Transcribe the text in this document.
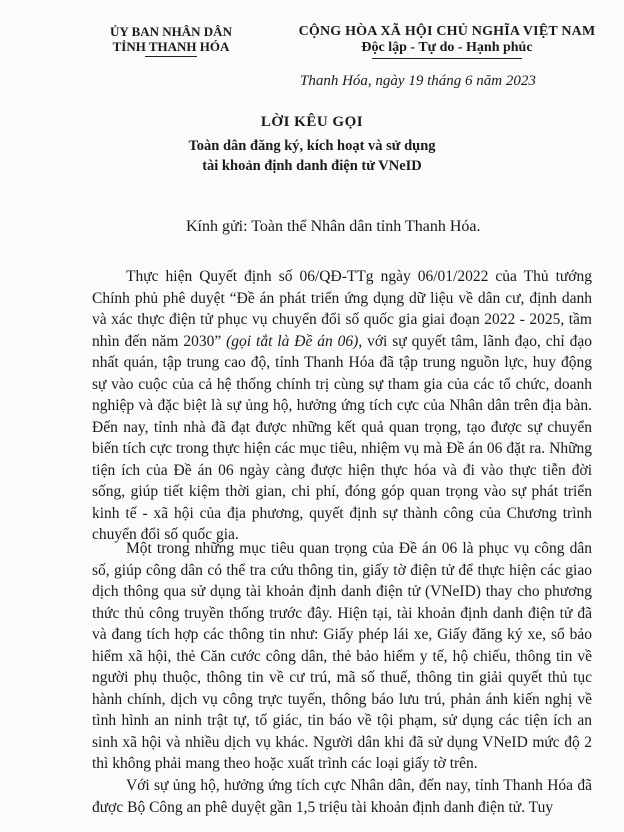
ỦY BAN NHÂN DÂN
TỈNH THANH HÓA
CỘNG HÒA XÃ HỘI CHỦ NGHĨA VIỆT NAM
Độc lập - Tự do - Hạnh phúc
Thanh Hóa, ngày 19 tháng 6 năm 2023
LỜI KÊU GỌI
Toàn dân đăng ký, kích hoạt và sử dụng
tài khoản định danh điện tử VNeID
Kính gửi: Toàn thể Nhân dân tỉnh Thanh Hóa.

Thực hiện Quyết định số 06/QĐ-TTg ngày 06/01/2022 của Thủ tướng Chính phủ phê duyệt “Đề án phát triển ứng dụng dữ liệu về dân cư, định danh và xác thực điện tử phục vụ chuyển đổi số quốc gia giai đoạn 2022 - 2025, tầm nhìn đến năm 2030” (gọi tắt là Đề án 06), với sự quyết tâm, lãnh đạo, chỉ đạo nhất quán, tập trung cao độ, tỉnh Thanh Hóa đã tập trung nguồn lực, huy động sự vào cuộc của cả hệ thống chính trị cùng sự tham gia của các tổ chức, doanh nghiệp và đặc biệt là sự ủng hộ, hưởng ứng tích cực của Nhân dân trên địa bàn. Đến nay, tỉnh nhà đã đạt được những kết quả quan trọng, tạo được sự chuyển biến tích cực trong thực hiện các mục tiêu, nhiệm vụ mà Đề án 06 đặt ra. Những tiện ích của Đề án 06 ngày càng được hiện thực hóa và đi vào thực tiễn đời sống, giúp tiết kiệm thời gian, chi phí, đóng góp quan trọng vào sự phát triển kinh tế - xã hội của địa phương, quyết định sự thành công của Chương trình chuyển đổi số quốc gia.

Một trong những mục tiêu quan trọng của Đề án 06 là phục vụ công dân số, giúp công dân có thể tra cứu thông tin, giấy tờ điện tử để thực hiện các giao dịch thông qua sử dụng tài khoản định danh điện tử (VNeID) thay cho phương thức thủ công truyền thống trước đây. Hiện tại, tài khoản định danh điện tử đã và đang tích hợp các thông tin như: Giấy phép lái xe, Giấy đăng ký xe, sổ bảo hiểm xã hội, thẻ Căn cước công dân, thẻ bảo hiểm y tế, hộ chiếu, thông tin về người phụ thuộc, thông tin về cư trú, mã số thuế, thông tin giải quyết thủ tục hành chính, dịch vụ công trực tuyến, thông báo lưu trú, phản ánh kiến nghị về tình hình an ninh trật tự, tố giác, tin báo về tội phạm, sử dụng các tiện ích an sinh xã hội và nhiều dịch vụ khác. Người dân khi đã sử dụng VNeID mức độ 2 thì không phải mang theo hoặc xuất trình các loại giấy tờ trên.

Với sự ủng hộ, hưởng ứng tích cực Nhân dân, đến nay, tỉnh Thanh Hóa đã được Bộ Công an phê duyệt gần 1,5 triệu tài khoản định danh điện tử. Tuy
